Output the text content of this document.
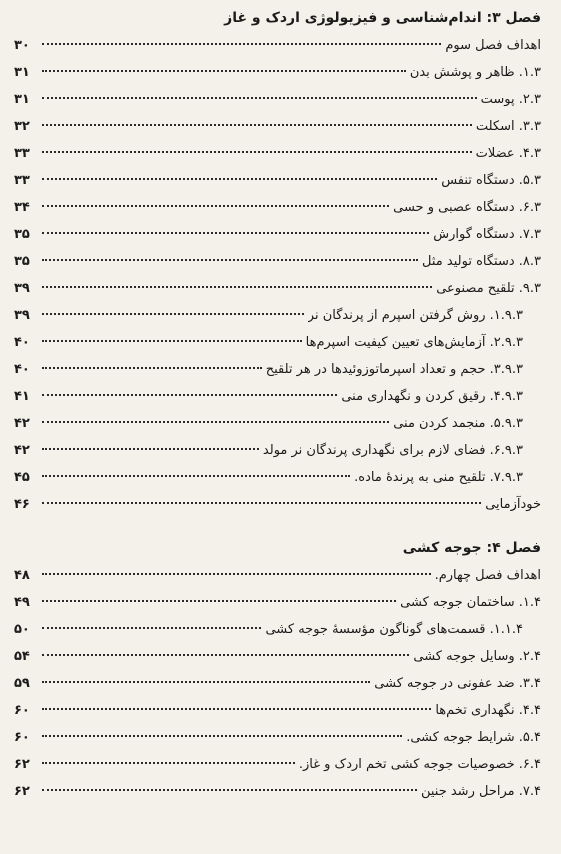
فصل ۳: اندام‌شناسی و فیزیولوژی اردک و غاز
اهداف فصل سوم
۳۰
۱.۳. ظاهر و پوشش بدن
۳۱
۲.۳. پوست
۳۱
۳.۳. اسکلت
۳۲
۴.۳. عضلات
۳۳
۵.۳. دستگاه تنفس
۳۳
۶.۳. دستگاه عصبی و حسی
۳۴
۷.۳. دستگاه گوارش
۳۵
۸.۳. دستگاه تولید مثل
۳۵
۹.۳. تلقیح مصنوعی
۳۹
۱.۹.۳. روش گرفتن اسپرم از پرندگان نر
۳۹
۲.۹.۳. آزمایش‌های تعیین کیفیت اسپرم‌ها
۴۰
۳.۹.۳. حجم و تعداد اسپرماتوزوئیدها در هر تلقیح
۴۰
۴.۹.۳. رقیق کردن و نگهداری منی
۴۱
۵.۹.۳. منجمد کردن منی
۴۲
۶.۹.۳. فضای لازم برای نگهداری پرندگان نر مولد
۴۲
۷.۹.۳. تلقیح منی به پرندهٔ ماده.
۴۵
خودآزمایی
۴۶
فصل ۴: جوجه کشی
اهداف فصل چهارم.
۴۸
۱.۴. ساختمان جوجه کشی
۴۹
۱.۱.۴. قسمت‌های گوناگون مؤسسهٔ جوجه کشی
۵۰
۲.۴. وسایل جوجه کشی
۵۴
۳.۴. ضد عفونی در جوجه کشی
۵۹
۴.۴. نگهداری تخم‌ها
۶۰
۵.۴. شرایط جوجه کشی.
۶۰
۶.۴. خصوصیات جوجه کشی تخم اردک و غاز.
۶۲
۷.۴. مراحل رشد جنین
۶۲
